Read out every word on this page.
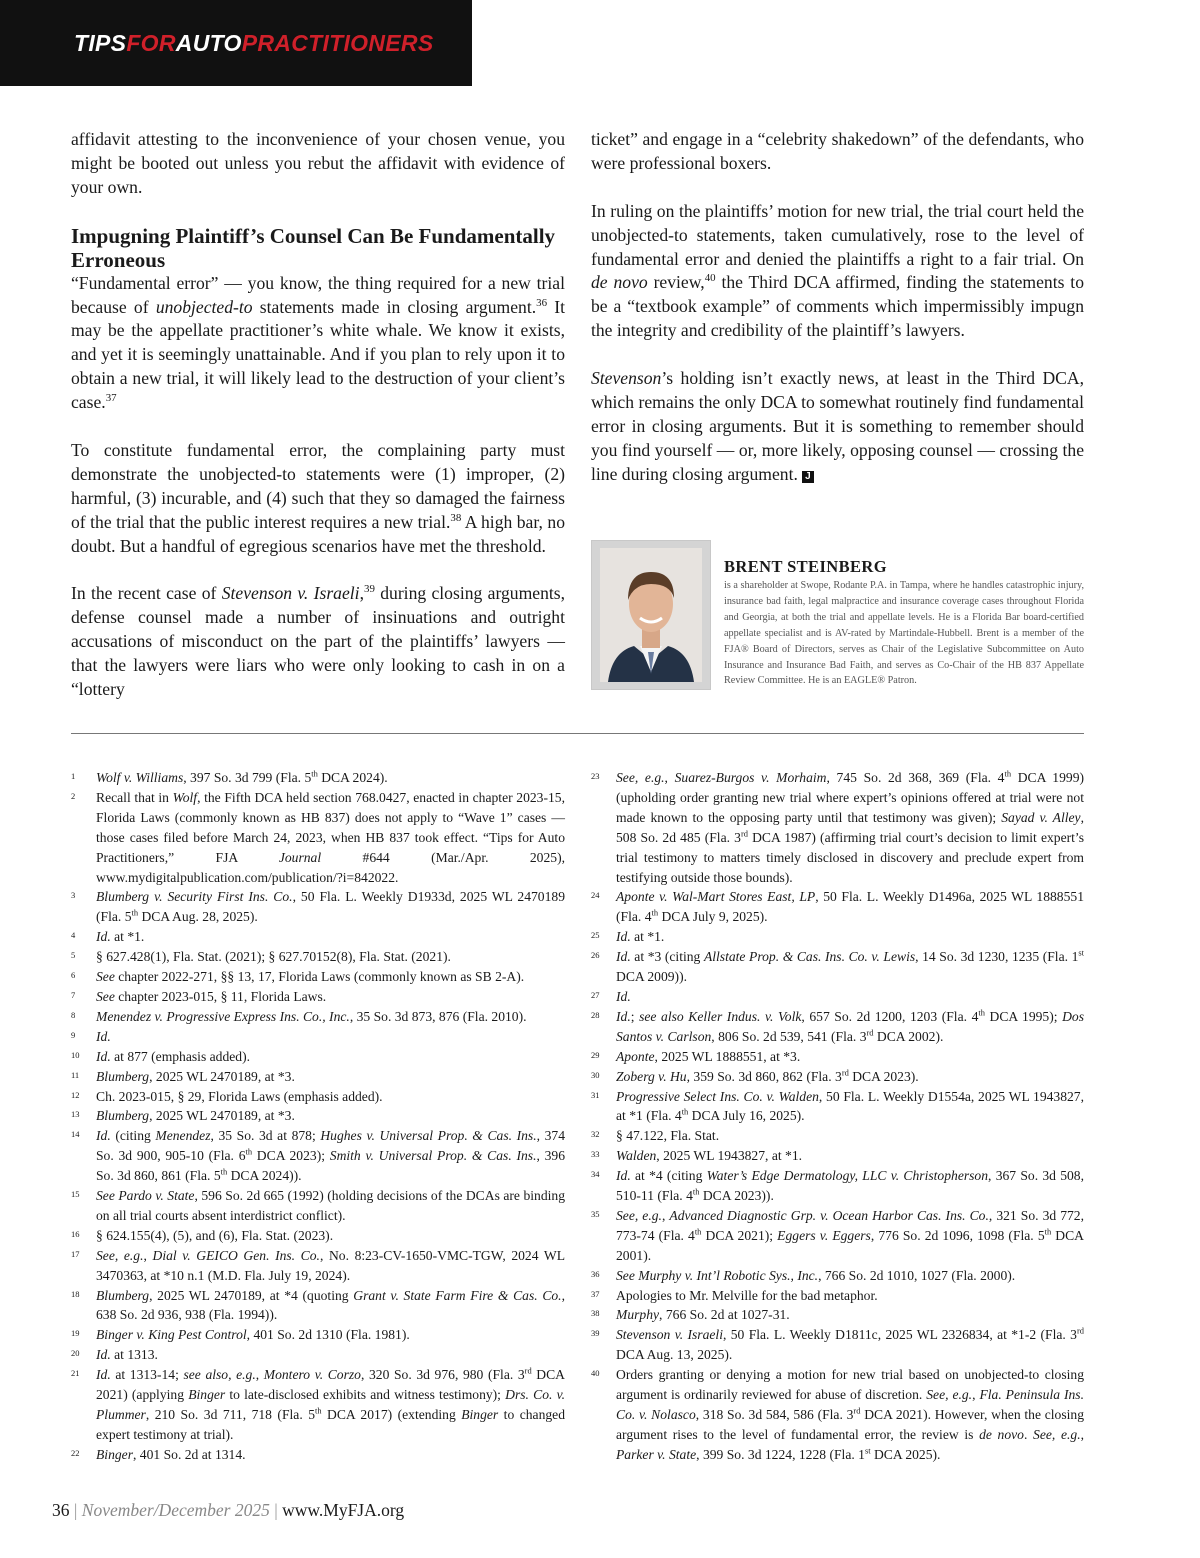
TIPSFORAUTOPRACTITIONERS

affidavit attesting to the inconvenience of your chosen venue, you might be booted out unless you rebut the affidavit with evidence of your own.

Impugning Plaintiff’s Counsel Can Be Fundamentally Erroneous

“Fundamental error” — you know, the thing required for a new trial because of unobjected-to statements made in closing argument.$^{36}$ It may be the appellate practitioner’s white whale. We know it exists, and yet it is seemingly unattainable. And if you plan to rely upon it to obtain a new trial, it will likely lead to the destruction of your client’s case.$^{37}$

To constitute fundamental error, the complaining party must demonstrate the unobjected-to statements were (1) improper, (2) harmful, (3) incurable, and (4) such that they so damaged the fairness of the trial that the public interest requires a new trial.$^{38}$ A high bar, no doubt. But a handful of egregious scenarios have met the threshold.

In the recent case of Stevenson v. Israeli,$^{39}$ during closing arguments, defense counsel made a number of insinuations and outright accusations of misconduct on the part of the plaintiffs’ lawyers — that the lawyers were liars who were only looking to cash in on a “lottery

ticket” and engage in a “celebrity shakedown” of the defendants, who were professional boxers.

In ruling on the plaintiffs’ motion for new trial, the trial court held the unobjected-to statements, taken cumulatively, rose to the level of fundamental error and denied the plaintiffs a right to a fair trial. On de novo review,$^{40}$ the Third DCA affirmed, finding the statements to be a “textbook example” of comments which impermissibly impugn the integrity and credibility of the plaintiff’s lawyers.

Stevenson’s holding isn’t exactly news, at least in the Third DCA, which remains the only DCA to somewhat routinely find fundamental error in closing arguments. But it is something to remember should you find yourself — or, more likely, opposing counsel — crossing the line during closing argument. J

BRENT STEINBERG
is a shareholder at Swope, Rodante P.A. in Tampa, where he handles catastrophic injury, insurance bad faith, legal malpractice and insurance coverage cases throughout Florida and Georgia, at both the trial and appellate levels. He is a Florida Bar board-certified appellate specialist and is AV-rated by Martindale-Hubbell. Brent is a member of the FJA® Board of Directors, serves as Chair of the Legislative Subcommittee on Auto Insurance and Insurance Bad Faith, and serves as Co-Chair of the HB 837 Appellate Review Committee. He is an EAGLE® Patron.
1 Wolf v. Williams, 397 So. 3d 799 (Fla. 5th DCA 2024).
2 Recall that in Wolf, the Fifth DCA held section 768.0427, enacted in chapter 2023-15, Florida Laws (commonly known as HB 837) does not apply to “Wave 1” cases — those cases filed before March 24, 2023, when HB 837 took effect. “Tips for Auto Practitioners,” FJA Journal #644 (Mar./Apr. 2025), www.mydigitalpublication.com/publication/?i=842022.
3 Blumberg v. Security First Ins. Co., 50 Fla. L. Weekly D1933d, 2025 WL 2470189 (Fla. 5th DCA Aug. 28, 2025).
4 Id. at *1.
5 § 627.428(1), Fla. Stat. (2021); § 627.70152(8), Fla. Stat. (2021).
6 See chapter 2022-271, §§ 13, 17, Florida Laws (commonly known as SB 2-A).
7 See chapter 2023-015, § 11, Florida Laws.
8 Menendez v. Progressive Express Ins. Co., Inc., 35 So. 3d 873, 876 (Fla. 2010).
9 Id.
10 Id. at 877 (emphasis added).
11 Blumberg, 2025 WL 2470189, at *3.
12 Ch. 2023-015, § 29, Florida Laws (emphasis added).
13 Blumberg, 2025 WL 2470189, at *3.
14 Id. (citing Menendez, 35 So. 3d at 878; Hughes v. Universal Prop. & Cas. Ins., 374 So. 3d 900, 905-10 (Fla. 6th DCA 2023); Smith v. Universal Prop. & Cas. Ins., 396 So. 3d 860, 861 (Fla. 5th DCA 2024)).
15 See Pardo v. State, 596 So. 2d 665 (1992) (holding decisions of the DCAs are binding on all trial courts absent interdistrict conflict).
16 § 624.155(4), (5), and (6), Fla. Stat. (2023).
17 See, e.g., Dial v. GEICO Gen. Ins. Co., No. 8:23-CV-1650-VMC-TGW, 2024 WL 3470363, at *10 n.1 (M.D. Fla. July 19, 2024).
18 Blumberg, 2025 WL 2470189, at *4 (quoting Grant v. State Farm Fire & Cas. Co., 638 So. 2d 936, 938 (Fla. 1994)).
19 Binger v. King Pest Control, 401 So. 2d 1310 (Fla. 1981).
20 Id. at 1313.
21 Id. at 1313-14; see also, e.g., Montero v. Corzo, 320 So. 3d 976, 980 (Fla. 3rd DCA 2021) (applying Binger to late-disclosed exhibits and witness testimony); Drs. Co. v. Plummer, 210 So. 3d 711, 718 (Fla. 5th DCA 2017) (extending Binger to changed expert testimony at trial).
22 Binger, 401 So. 2d at 1314.
23 See, e.g., Suarez-Burgos v. Morhaim, 745 So. 2d 368, 369 (Fla. 4th DCA 1999) (upholding order granting new trial where expert’s opinions offered at trial were not made known to the opposing party until that testimony was given); Sayad v. Alley, 508 So. 2d 485 (Fla. 3rd DCA 1987) (affirming trial court’s decision to limit expert’s trial testimony to matters timely disclosed in discovery and preclude expert from testifying outside those bounds).
24 Aponte v. Wal-Mart Stores East, LP, 50 Fla. L. Weekly D1496a, 2025 WL 1888551 (Fla. 4th DCA July 9, 2025).
25 Id. at *1.
26 Id. at *3 (citing Allstate Prop. & Cas. Ins. Co. v. Lewis, 14 So. 3d 1230, 1235 (Fla. 1st DCA 2009)).
27 Id.
28 Id.; see also Keller Indus. v. Volk, 657 So. 2d 1200, 1203 (Fla. 4th DCA 1995); Dos Santos v. Carlson, 806 So. 2d 539, 541 (Fla. 3rd DCA 2002).
29 Aponte, 2025 WL 1888551, at *3.
30 Zoberg v. Hu, 359 So. 3d 860, 862 (Fla. 3rd DCA 2023).
31 Progressive Select Ins. Co. v. Walden, 50 Fla. L. Weekly D1554a, 2025 WL 1943827, at *1 (Fla. 4th DCA July 16, 2025).
32 § 47.122, Fla. Stat.
33 Walden, 2025 WL 1943827, at *1.
34 Id. at *4 (citing Water’s Edge Dermatology, LLC v. Christopherson, 367 So. 3d 508, 510-11 (Fla. 4th DCA 2023)).
35 See, e.g., Advanced Diagnostic Grp. v. Ocean Harbor Cas. Ins. Co., 321 So. 3d 772, 773-74 (Fla. 4th DCA 2021); Eggers v. Eggers, 776 So. 2d 1096, 1098 (Fla. 5th DCA 2001).
36 See Murphy v. Int’l Robotic Sys., Inc., 766 So. 2d 1010, 1027 (Fla. 2000).
37 Apologies to Mr. Melville for the bad metaphor.
38 Murphy, 766 So. 2d at 1027-31.
39 Stevenson v. Israeli, 50 Fla. L. Weekly D1811c, 2025 WL 2326834, at *1-2 (Fla. 3rd DCA Aug. 13, 2025).
40 Orders granting or denying a motion for new trial based on unobjected-to closing argument is ordinarily reviewed for abuse of discretion. See, e.g., Fla. Peninsula Ins. Co. v. Nolasco, 318 So. 3d 584, 586 (Fla. 3rd DCA 2021). However, when the closing argument rises to the level of fundamental error, the review is de novo. See, e.g., Parker v. State, 399 So. 3d 1224, 1228 (Fla. 1st DCA 2025).
36 | November/December 2025 | www.MyFJA.org
